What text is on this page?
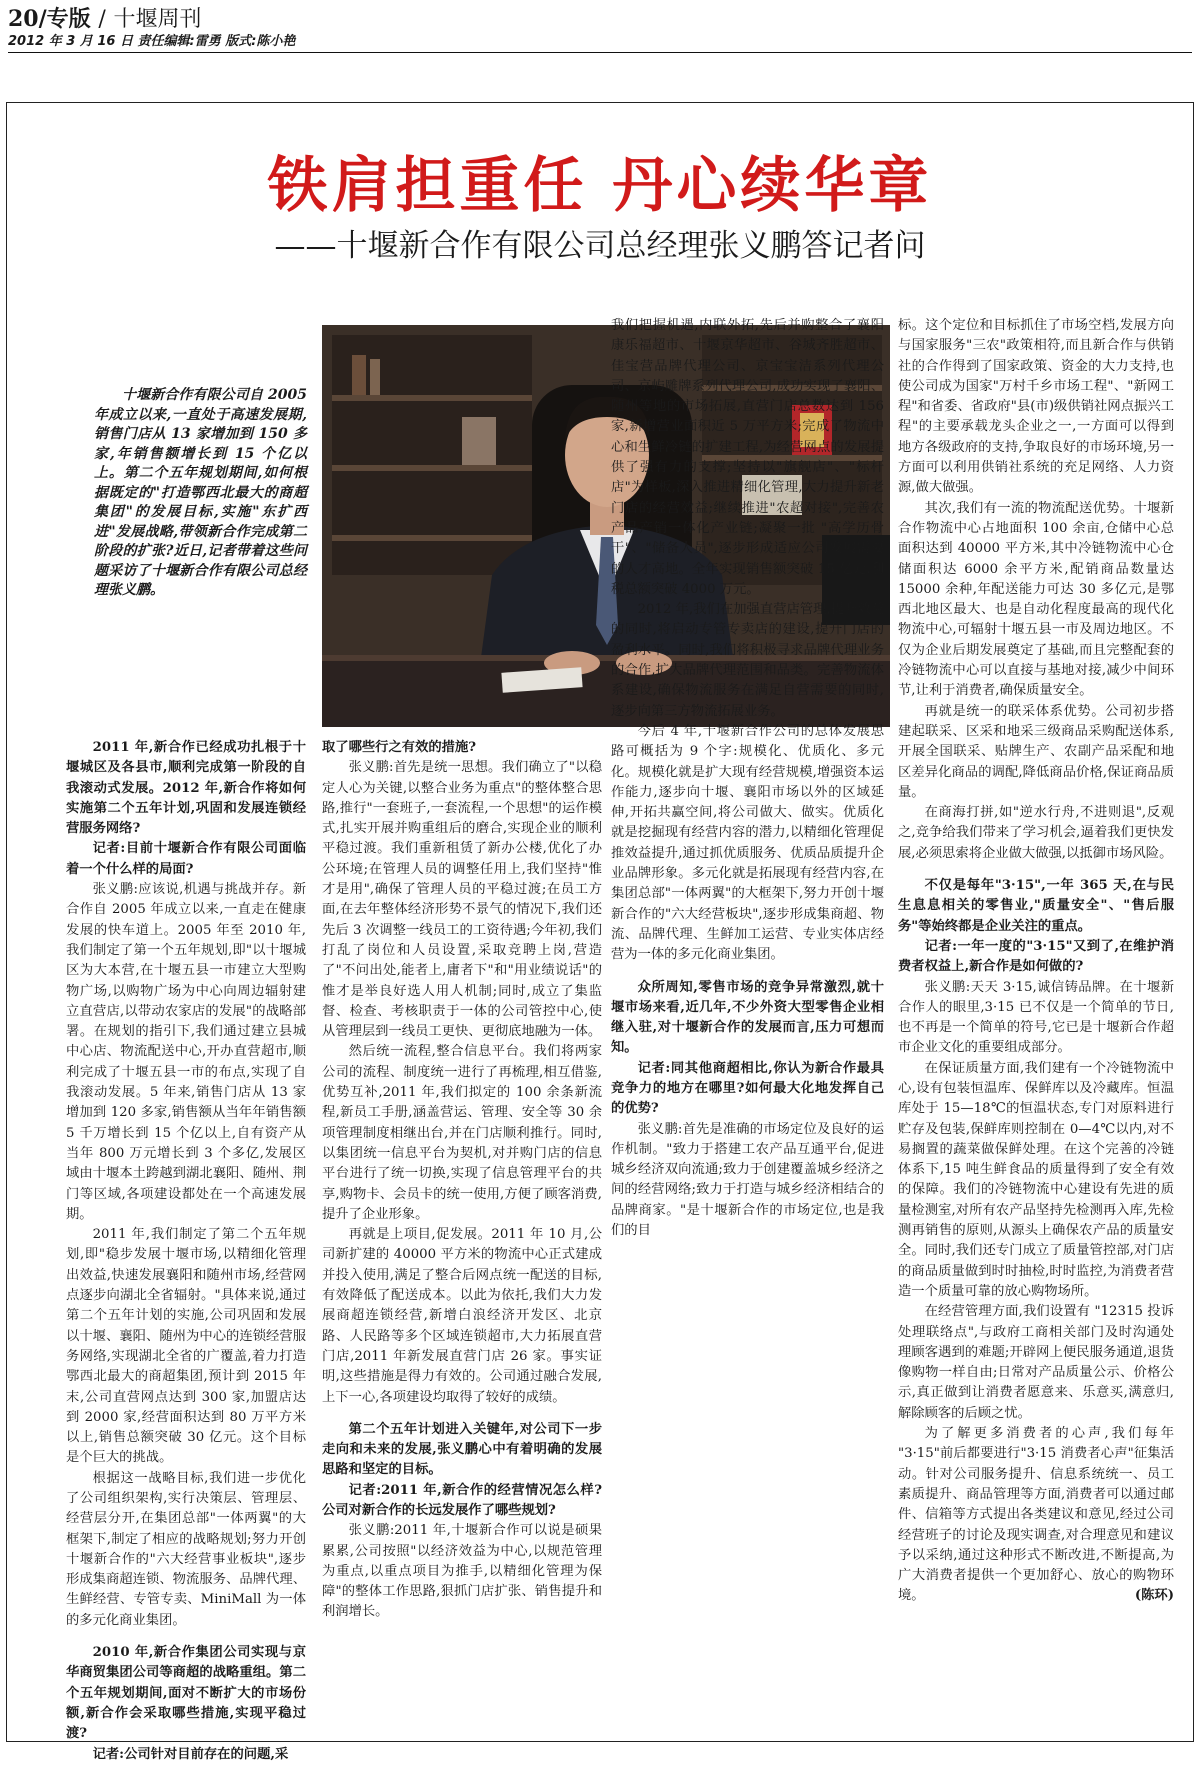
20/专版 / 十堰周刊
2012 年 3 月 16 日 责任编辑:雷勇 版式:陈小艳
铁肩担重任 丹心续华章
——十堰新合作有限公司总经理张义鹏答记者问

十堰新合作有限公司自 2005 年成立以来,一直处于高速发展期,销售门店从 13 家增加到 150 多家,年销售额增长到 15 个亿以上。第二个五年规划期间,如何根据既定的"打造鄂西北最大的商超集团"的发展目标,实施"东扩西进"发展战略,带领新合作完成第二阶段的扩张?近日,记者带着这些问题采访了十堰新合作有限公司总经理张义鹏。

2011 年,新合作已经成功扎根于十堰城区及各县市,顺利完成第一阶段的自我滚动式发展。2012 年,新合作将如何实施第二个五年计划,巩固和发展连锁经营服务网络?

记者:目前十堰新合作有限公司面临着一个什么样的局面?

张义鹏:应该说,机遇与挑战并存。新合作自 2005 年成立以来,一直走在健康发展的快车道上。2005 年至 2010 年,我们制定了第一个五年规划,即"以十堰城区为大本营,在十堰五县一市建立大型购物广场,以购物广场为中心向周边辐射建立直营店,以带动农家店的发展"的战略部署。在规划的指引下,我们通过建立县城中心店、物流配送中心,开办直营超市,顺利完成了十堰五县一市的布点,实现了自我滚动发展。5 年来,销售门店从 13 家增加到 120 多家,销售额从当年年销售额 5 千万增长到 15 个亿以上,自有资产从当年 800 万元增长到 3 个多亿,发展区域由十堰本土跨越到湖北襄阳、随州、荆门等区域,各项建设都处在一个高速发展期。

2011 年,我们制定了第二个五年规划,即"稳步发展十堰市场,以精细化管理出效益,快速发展襄阳和随州市场,经营网点逐步向湖北全省辐射。"具体来说,通过第二个五年计划的实施,公司巩固和发展以十堰、襄阳、随州为中心的连锁经营服务网络,实现湖北全省的广覆盖,着力打造鄂西北最大的商超集团,预计到 2015 年末,公司直营网点达到 300 家,加盟店达到 2000 家,经营面积达到 80 万平方米以上,销售总额突破 30 亿元。这个目标是个巨大的挑战。

根据这一战略目标,我们进一步优化了公司组织架构,实行决策层、管理层、经营层分开,在集团总部"一体两翼"的大框架下,制定了相应的战略规划;努力开创十堰新合作的"六大经营事业板块",逐步形成集商超连锁、物流服务、品牌代理、生鲜经营、专管专卖、MiniMall 为一体的多元化商业集团。

2010 年,新合作集团公司实现与京华商贸集团公司等商超的战略重组。第二个五年规划期间,面对不断扩大的市场份额,新合作会采取哪些措施,实现平稳过渡?

记者:公司针对目前存在的问题,采

取了哪些行之有效的措施?

张义鹏:首先是统一思想。我们确立了"以稳定人心为关键,以整合业务为重点"的整体整合思路,推行"一套班子,一套流程,一个思想"的运作模式,扎实开展并购重组后的磨合,实现企业的顺利平稳过渡。我们重新租赁了新办公楼,优化了办公环境;在管理人员的调整任用上,我们坚持"惟才是用",确保了管理人员的平稳过渡;在员工方面,在去年整体经济形势不景气的情况下,我们还先后 3 次调整一线员工的工资待遇;今年初,我们打乱了岗位和人员设置,采取竞聘上岗,营造了"不问出处,能者上,庸者下"和"用业绩说话"的惟才是举良好选人用人机制;同时,成立了集监督、检查、考核职责于一体的公司管控中心,使从管理层到一线员工更快、更彻底地融为一体。

然后统一流程,整合信息平台。我们将两家公司的流程、制度统一进行了再梳理,相互借鉴,优势互补,2011 年,我们拟定的 100 余条新流程,新员工手册,涵盖营运、管理、安全等 30 余项管理制度相继出台,并在门店顺利推行。同时,以集团统一信息平台为契机,对并购门店的信息平台进行了统一切换,实现了信息管理平台的共享,购物卡、会员卡的统一使用,方便了顾客消费,提升了企业形象。

再就是上项目,促发展。2011 年 10 月,公司新扩建的 40000 平方米的物流中心正式建成并投入使用,满足了整合后网点统一配送的目标,有效降低了配送成本。以此为依托,我们大力发展商超连锁经营,新增白浪经济开发区、北京路、人民路等多个区域连锁超市,大力拓展直营门店,2011 年新发展直营门店 26 家。事实证明,这些措施是得力有效的。公司通过融合发展,上下一心,各项建设均取得了较好的成绩。

第二个五年计划进入关键年,对公司下一步走向和未来的发展,张义鹏心中有着明确的发展思路和坚定的目标。

记者:2011 年,新合作的经营情况怎么样?公司对新合作的长远发展作了哪些规划?

张义鹏:2011 年,十堰新合作可以说是硕果累累,公司按照"以经济效益为中心,以规范管理为重点,以重点项目为推手,以精细化管理为保障"的整体工作思路,狠抓门店扩张、销售提升和利润增长。

我们把握机遇,内联外拓,先后并购整合了襄阳康乐福超市、十堰京华超市、谷城齐胜超市、佳宝营品牌代理公司、京宝宝洁系列代理公司、京屿雕牌系列代理公司,成功实现了襄阳、随州等地的市场拓展,直营门店总数达到 156 家,新增营业面积近 5 万平方米;完成了物流中心和生鲜冷链的扩建工程,为经营网点的发展提供了强有力的支撑;坚持以"旗舰店"、"标杆店"为样板,深入推进精细化管理,大力提升新老门店的经营效益;继续推进"农超对接",完善农产品产销一体化产业链;凝聚一批 "高学历骨干"、"储备人员",逐步形成适应公司发展需要的人才高地。全年实现销售额突破 15 亿元,利税总额突破 4000 万元。

2012 年,我们在加强直营店管理,提升效益的同时,将启动专管专卖店的建设,提升门店的盈利水平。同时,我们将积极寻求品牌代理业务的合作,扩大品牌代理范围和品类。完善物流体系建设,确保物流服务在满足自营需要的同时,逐步向第三方物流拓展业务。

今后 4 年,十堰新合作公司的总体发展思路可概括为 9 个字:规模化、优质化、多元化。规模化就是扩大现有经营规模,增强资本运作能力,逐步向十堰、襄阳市场以外的区域延伸,开拓共赢空间,将公司做大、做实。优质化就是挖掘现有经营内容的潜力,以精细化管理促推效益提升,通过抓优质服务、优质品质提升企业品牌形象。多元化就是拓展现有经营内容,在集团总部"一体两翼"的大框架下,努力开创十堰新合作的"六大经营板块",逐步形成集商超、物流、品牌代理、生鲜加工运营、专业实体店经营为一体的多元化商业集团。

众所周知,零售市场的竞争异常激烈,就十堰市场来看,近几年,不少外资大型零售企业相继入驻,对十堰新合作的发展而言,压力可想而知。

记者:同其他商超相比,你认为新合作最具竞争力的地方在哪里?如何最大化地发挥自己的优势?

张义鹏:首先是准确的市场定位及良好的运作机制。"致力于搭建工农产品互通平台,促进城乡经济双向流通;致力于创建覆盖城乡经济之间的经营网络;致力于打造与城乡经济相结合的品牌商家。"是十堰新合作的市场定位,也是我们的目

标。这个定位和目标抓住了市场空档,发展方向与国家服务"三农"政策相符,而且新合作与供销社的合作得到了国家政策、资金的大力支持,也使公司成为国家"万村千乡市场工程"、"新网工程"和省委、省政府"县(市)级供销社网点振兴工程"的主要承载龙头企业之一,一方面可以得到地方各级政府的支持,争取良好的市场环境,另一方面可以利用供销社系统的充足网络、人力资源,做大做强。

其次,我们有一流的物流配送优势。十堰新合作物流中心占地面积 100 余亩,仓储中心总面积达到 40000 平方米,其中冷链物流中心仓储面积达 6000 余平方米,配销商品数量达 15000 余种,年配送能力可达 30 多亿元,是鄂西北地区最大、也是自动化程度最高的现代化物流中心,可辐射十堰五县一市及周边地区。不仅为企业后期发展奠定了基础,而且完整配套的冷链物流中心可以直接与基地对接,减少中间环节,让利于消费者,确保质量安全。

再就是统一的联采体系优势。公司初步搭建起联采、区采和地采三级商品采购配送体系,开展全国联采、贴牌生产、农副产品采配和地区差异化商品的调配,降低商品价格,保证商品质量。

在商海打拼,如"逆水行舟,不进则退",反观之,竞争给我们带来了学习机会,逼着我们更快发展,必须思索将企业做大做强,以抵御市场风险。

不仅是每年"3·15",一年 365 天,在与民生息息相关的零售业,"质量安全"、"售后服务"等始终都是企业关注的重点。

记者:一年一度的"3·15"又到了,在维护消费者权益上,新合作是如何做的?

张义鹏:天天 3·15,诚信铸品牌。在十堰新合作人的眼里,3·15 已不仅是一个简单的节日,也不再是一个简单的符号,它已是十堰新合作超市企业文化的重要组成部分。

在保证质量方面,我们建有一个冷链物流中心,设有包装恒温库、保鲜库以及冷藏库。恒温库处于 15—18℃的恒温状态,专门对原料进行贮存及包装,保鲜库则控制在 0—4℃以内,对不易搁置的蔬菜做保鲜处理。在这个完善的冷链体系下,15 吨生鲜食品的质量得到了安全有效的保障。我们的冷链物流中心建设有先进的质量检测室,对所有农产品坚持先检测再入库,先检测再销售的原则,从源头上确保农产品的质量安全。同时,我们还专门成立了质量管控部,对门店的商品质量做到时时抽检,时时监控,为消费者营造一个质量可靠的放心购物场所。

在经营管理方面,我们设置有 "12315 投诉处理联络点",与政府工商相关部门及时沟通处理顾客遇到的难题;开辟网上便民服务通道,退货像购物一样自由;日常对产品质量公示、价格公示,真正做到让消费者愿意来、乐意买,满意归,解除顾客的后顾之忧。

为了解更多消费者的心声,我们每年 "3·15"前后都要进行"3·15 消费者心声"征集活动。针对公司服务提升、信息系统统一、员工素质提升、商品管理等方面,消费者可以通过邮件、信箱等方式提出各类建议和意见,经过公司经营班子的讨论及现实调查,对合理意见和建议予以采纳,通过这种形式不断改进,不断提高,为广大消费者提供一个更加舒心、放心的购物环境。	(陈环)
